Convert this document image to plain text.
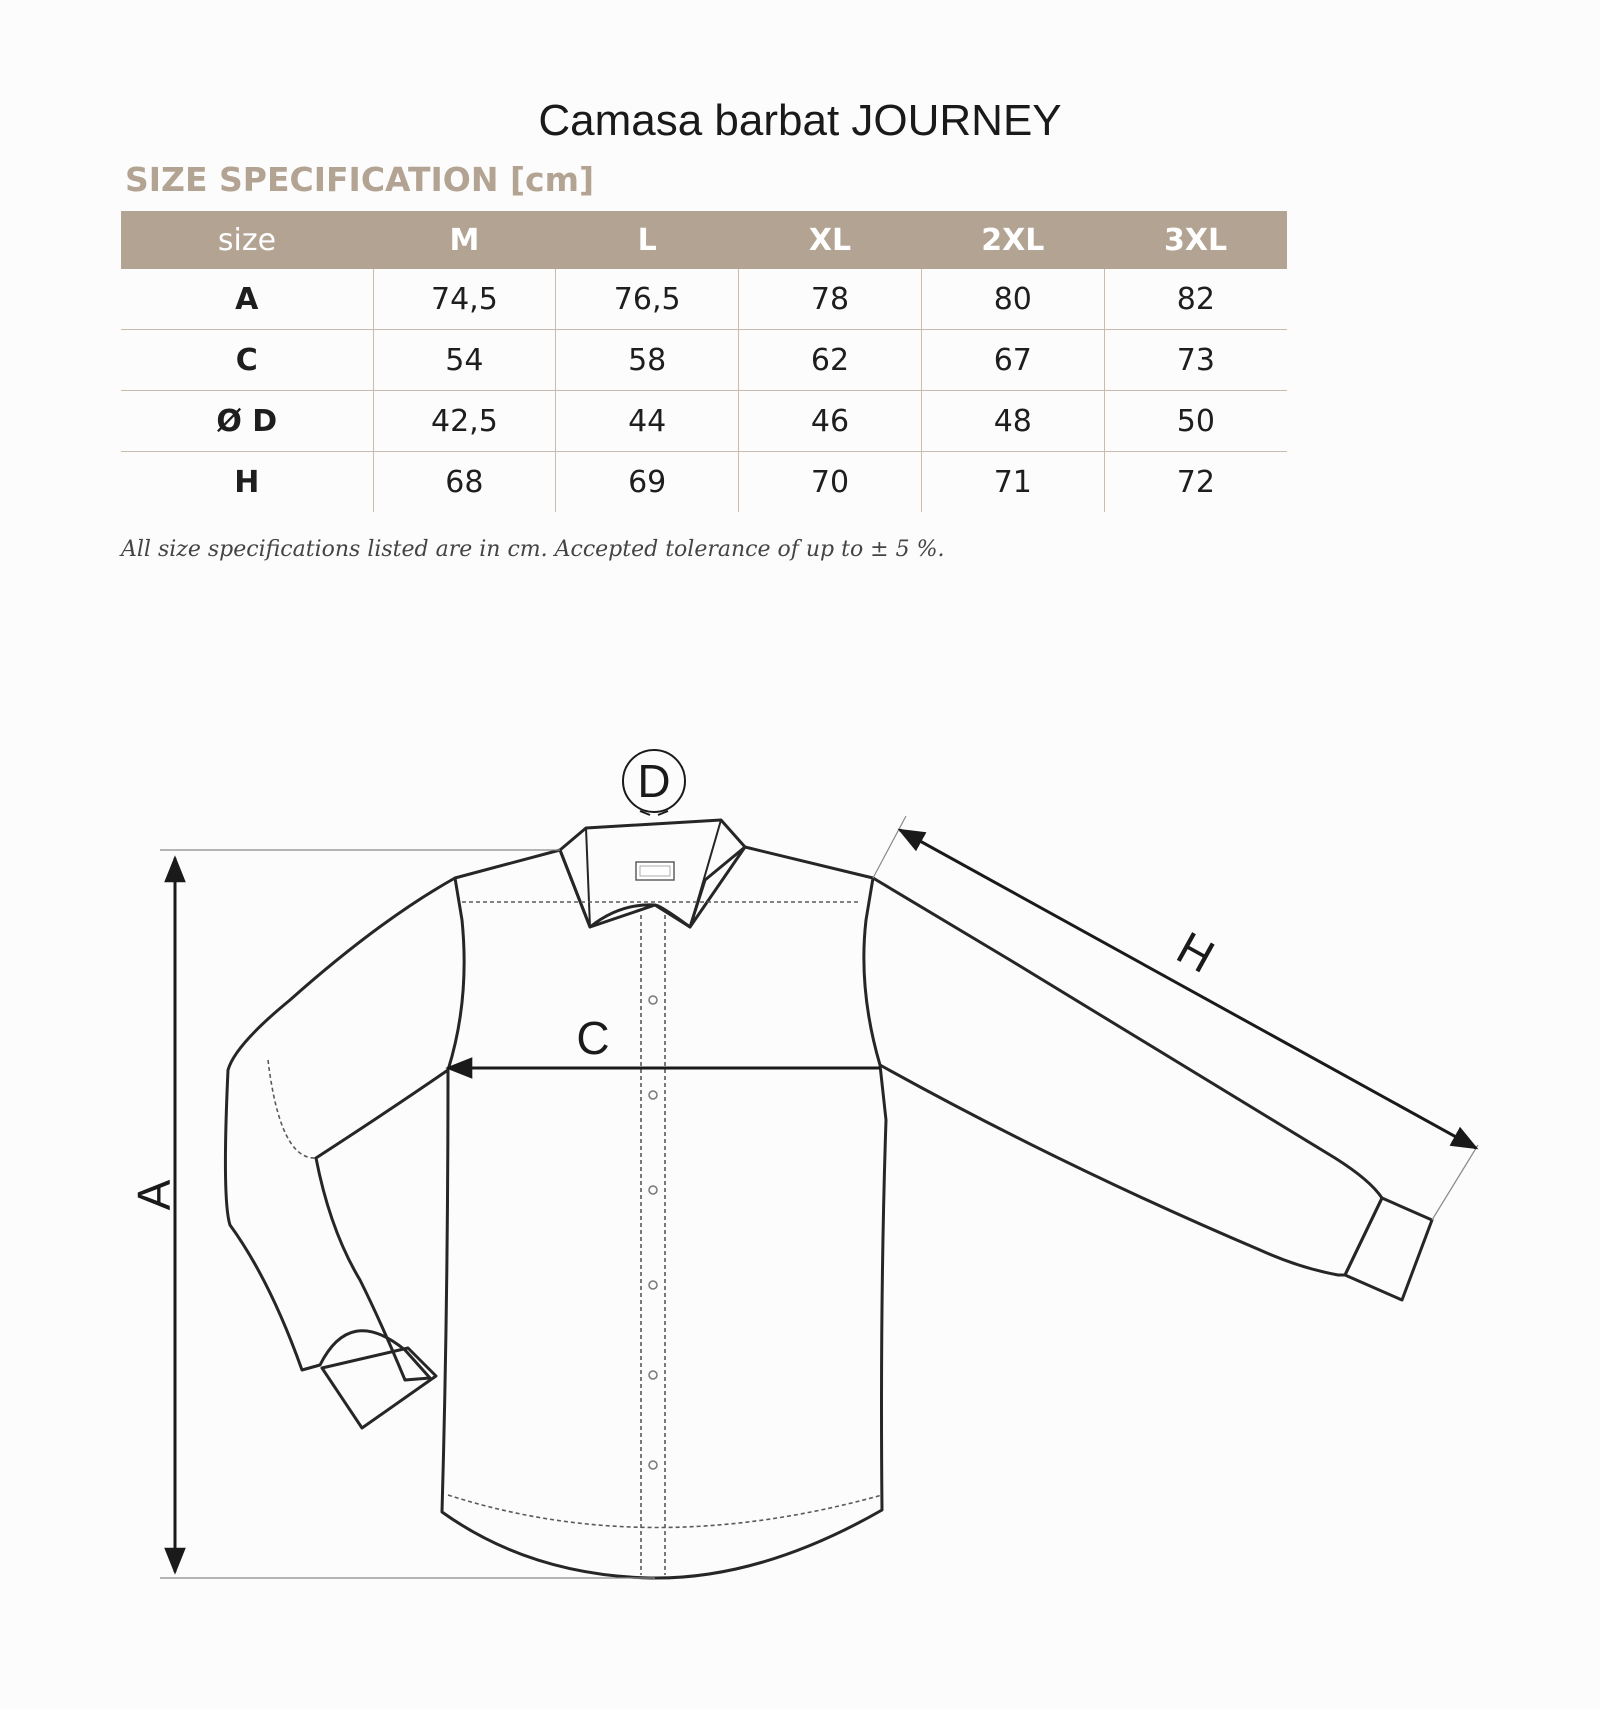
Camasa barbat JOURNEY
SIZE SPECIFICATION [cm]
size	M	L	XL	2XL	3XL
A	74,5	76,5	78	80	82
C	54	58	62	67	73
Ø D	42,5	44	46	48	50
H	68	69	70	71	72
All size specifications listed are in cm. Accepted tolerance of up to ± 5 %.
A
C
D
H
